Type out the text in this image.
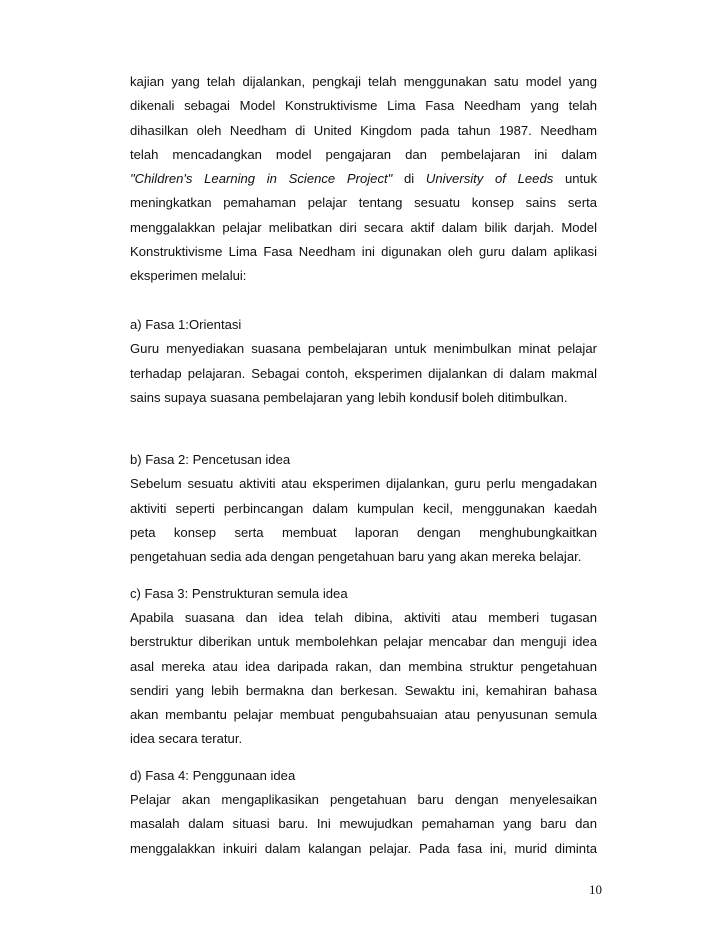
kajian yang telah dijalankan, pengkaji telah menggunakan satu model yang
dikenali sebagai Model Konstruktivisme Lima Fasa Needham yang telah
dihasilkan oleh Needham di United Kingdom pada tahun 1987. Needham
telah mencadangkan model pengajaran dan pembelajaran ini dalam
"Children's Learning in Science Project" di University of Leeds untuk
meningkatkan pemahaman pelajar tentang sesuatu konsep sains serta
menggalakkan pelajar melibatkan diri secara aktif dalam bilik darjah. Model
Konstruktivisme Lima Fasa Needham ini digunakan oleh guru dalam aplikasi
eksperimen melalui:
a) Fasa 1:Orientasi
Guru menyediakan suasana pembelajaran untuk menimbulkan minat pelajar
terhadap pelajaran. Sebagai contoh, eksperimen dijalankan di dalam makmal
sains supaya suasana pembelajaran yang lebih kondusif boleh ditimbulkan.
b) Fasa 2: Pencetusan idea
Sebelum sesuatu aktiviti atau eksperimen dijalankan, guru perlu mengadakan
aktiviti seperti perbincangan dalam kumpulan kecil, menggunakan kaedah
peta konsep serta membuat laporan dengan menghubungkaitkan
pengetahuan sedia ada dengan pengetahuan baru yang akan mereka belajar.
c) Fasa 3: Penstrukturan semula idea
Apabila suasana dan idea telah dibina, aktiviti atau memberi tugasan
berstruktur diberikan untuk membolehkan pelajar mencabar dan menguji idea
asal mereka atau idea daripada rakan, dan membina struktur pengetahuan
sendiri yang lebih bermakna dan berkesan. Sewaktu ini, kemahiran bahasa
akan membantu pelajar membuat pengubahsuaian atau penyusunan semula
idea secara teratur.
d) Fasa 4: Penggunaan idea
Pelajar akan mengaplikasikan pengetahuan baru dengan menyelesaikan
masalah dalam situasi baru. Ini mewujudkan pemahaman yang baru dan
menggalakkan inkuiri dalam kalangan pelajar. Pada fasa ini, murid diminta
10
